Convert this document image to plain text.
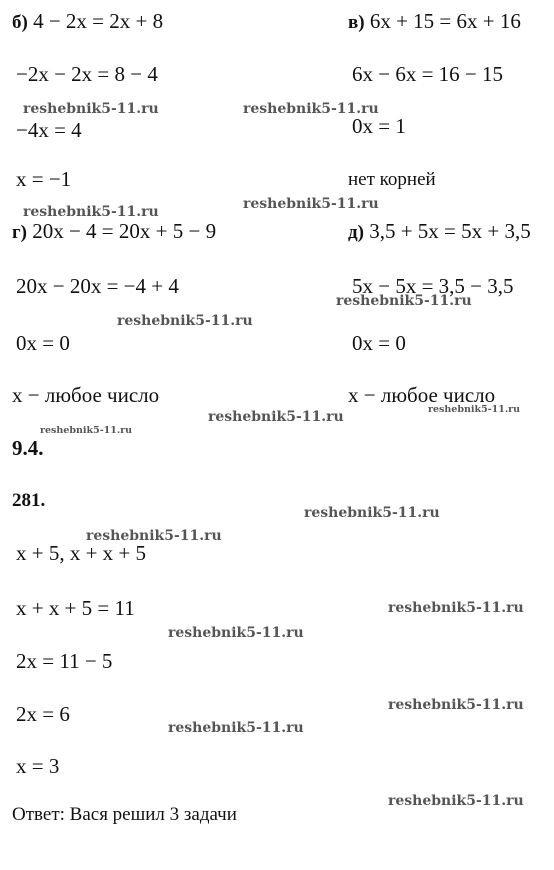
б) 4 − 2x = 2x + 8
−2x − 2x = 8 − 4
−4x = 4
x = −1
г) 20x − 4 = 20x + 5 − 9
20x − 20x = −4 + 4
0x = 0
x − любое число
в) 6x + 15 = 6x + 16
6x − 6x = 16 − 15
0x = 1
нет корней
д) 3,5 + 5x = 5x + 3,5
5x − 5x = 3,5 − 3,5
0x = 0
x − любое число
9.4.
281.
x + 5, x + x + 5
x + x + 5 = 11
2x = 11 − 5
2x = 6
x = 3
Ответ: Вася решил 3 задачи
reshebnik5-11.ru	reshebnik5-11.ru
reshebnik5-11.ru
reshebnik5-11.ru
reshebnik5-11.ru
reshebnik5-11.ru
reshebnik5-11.ru	reshebnik5-11.ru
reshebnik5-11.ru
reshebnik5-11.ru
reshebnik5-11.ru
reshebnik5-11.ru
reshebnik5-11.ru
reshebnik5-11.ru
reshebnik5-11.ru
reshebnik5-11.ru
